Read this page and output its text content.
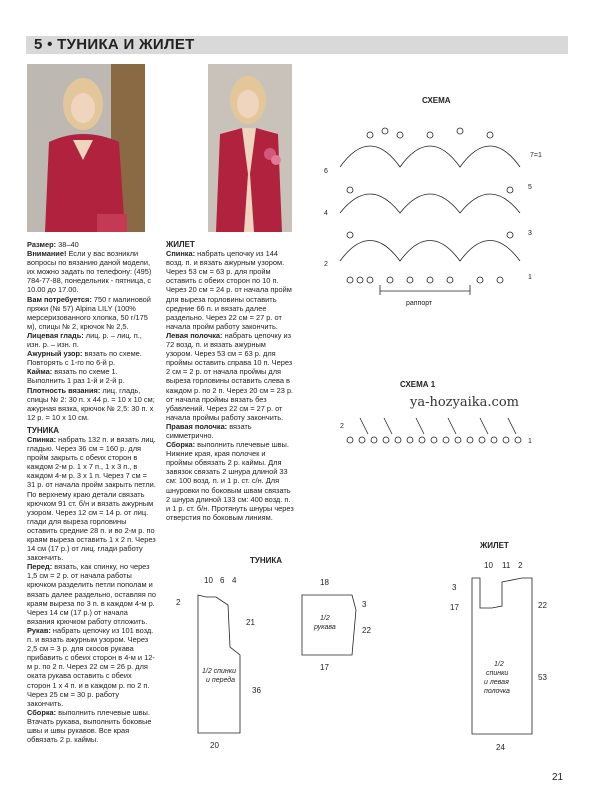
5 • ТУНИКА И ЖИЛЕТ

Размер: 38–40

Внимание! Если у вас возникли вопросы по вязанию даной модели, их можно задать по телефону: (495) 784-77-88, понедельник - пятница, с 10.00 до 17.00.

Вам потребуется: 750 г малиновой пряжи (№ 57) Alpina LILY (100% мерсеризованного хлопка, 50 г/175 м), спицы № 2, крючок № 2,5.

Лицевая гладь: лиц. р. – лиц. п., изн. р. – изн. п.

Ажурный узор: вязать по схеме. Повторять с 1-го по 6-й р.

Кайма: вязать по схеме 1. Выполнить 1 раз 1-й и 2-й р.

Плотность вязания: лиц. гладь, спицы № 2: 30 п. х 44 р. = 10 х 10 см; ажурная вязка, крючок № 2,5: 30 п. х 12 р. = 10 х 10 см.

ТУНИКА

Спинка: набрать 132 п. и вязать лиц. гладью. Через 36 см = 160 р. для пройм закрыть с обеих сторон в каждом 2-м р. 1 х 7 п., 1 х 3 п., в каждом 4-м р. 3 х 1 п. Через 7 см = 31 р. от начала пройм закрыть петли. По верхнему краю детали связать крючком 91 ст. б/н и вязать ажурным узором. Через 12 см = 14 р. от лиц. глади для выреза горловины оставить средние 28 п. и во 2-м р. по краям выреза оставить 1 х 2 п. Через 14 см (17 р.) от лиц. глади работу закончить.

Перед: вязать, как спинку, но через 1,5 см = 2 р. от начала работы крючком разделить петли пополам и вязать далее раздельно, оставляя по краям выреза по 3 п. в каждом 4-м р. Через 14 см (17 р.) от начала вязания крючком работу отложить.

Рукав: набрать цепочку из 101 возд. п. и вязать ажурным узором. Через 2,5 см = 3 р. для скосов рукава прибавить с обеих сторон в 4-м и 12-м р. по 2 п. Через 22 см = 26 р. для оката рукава оставить с обеих сторон 1 х 4 п. и в каждом р. по 2 п. Через 25 см = 30 р. работу закончить.

Сборка: выполнить плечевые швы. Втачать рукава, выполнить боковые швы и швы рукавов. Все края обвязать 2 р. каймы.

ЖИЛЕТ

Спинка: набрать цепочку из 144 возд. п. и вязать ажурным узором. Через 53 см = 63 р. для пройм оставить с обеих сторон по 10 п. Через 20 см = 24 р. от начала пройм для выреза горловины оставить средние 66 п. и вязать далее раздельно. Через 22 см = 27 р. от начала пройм работу закончить.

Левая полочка: набрать цепочку из 72 возд. п. и вязать ажурным узором. Через 53 см = 63 р. для проймы оставить справа 10 п. Через 2 см = 2 р. от начала проймы для выреза горловины оставить слева в каждом р. по 2 п. Через 20 см = 23 р. от начала проймы вязать без убавлений. Через 22 см = 27 р. от начала проймы работу закончить.

Правая полочка: вязать симметрично.

Сборка: выполнить плечевые швы. Нижние края, края полочек и проймы обвязать 2 р. каймы. Для завязок связать 2 шнура длиной 33 см: 100 возд. п. и 1 р. ст. с/н. Для шнуровки по боковым швам связать 2 шнура длиной 133 см: 400 возд. п. и 1 р. ст. б/н. Протянуть шнуры через отверстия по боковым линиям.

СХЕМА
2
4
6
1
3
5
7=1
раппорт
СХЕМА 1
2
1
ya-hozyaika.com
ТУНИКА
10 6 4
2
21
36
20
1/2 спинки
и переда
18
1/2
рукава
3
22
17
ЖИЛЕТ
10 11 2
3
17	22
53
24
1/2
спинки
и левая
полочка
21
